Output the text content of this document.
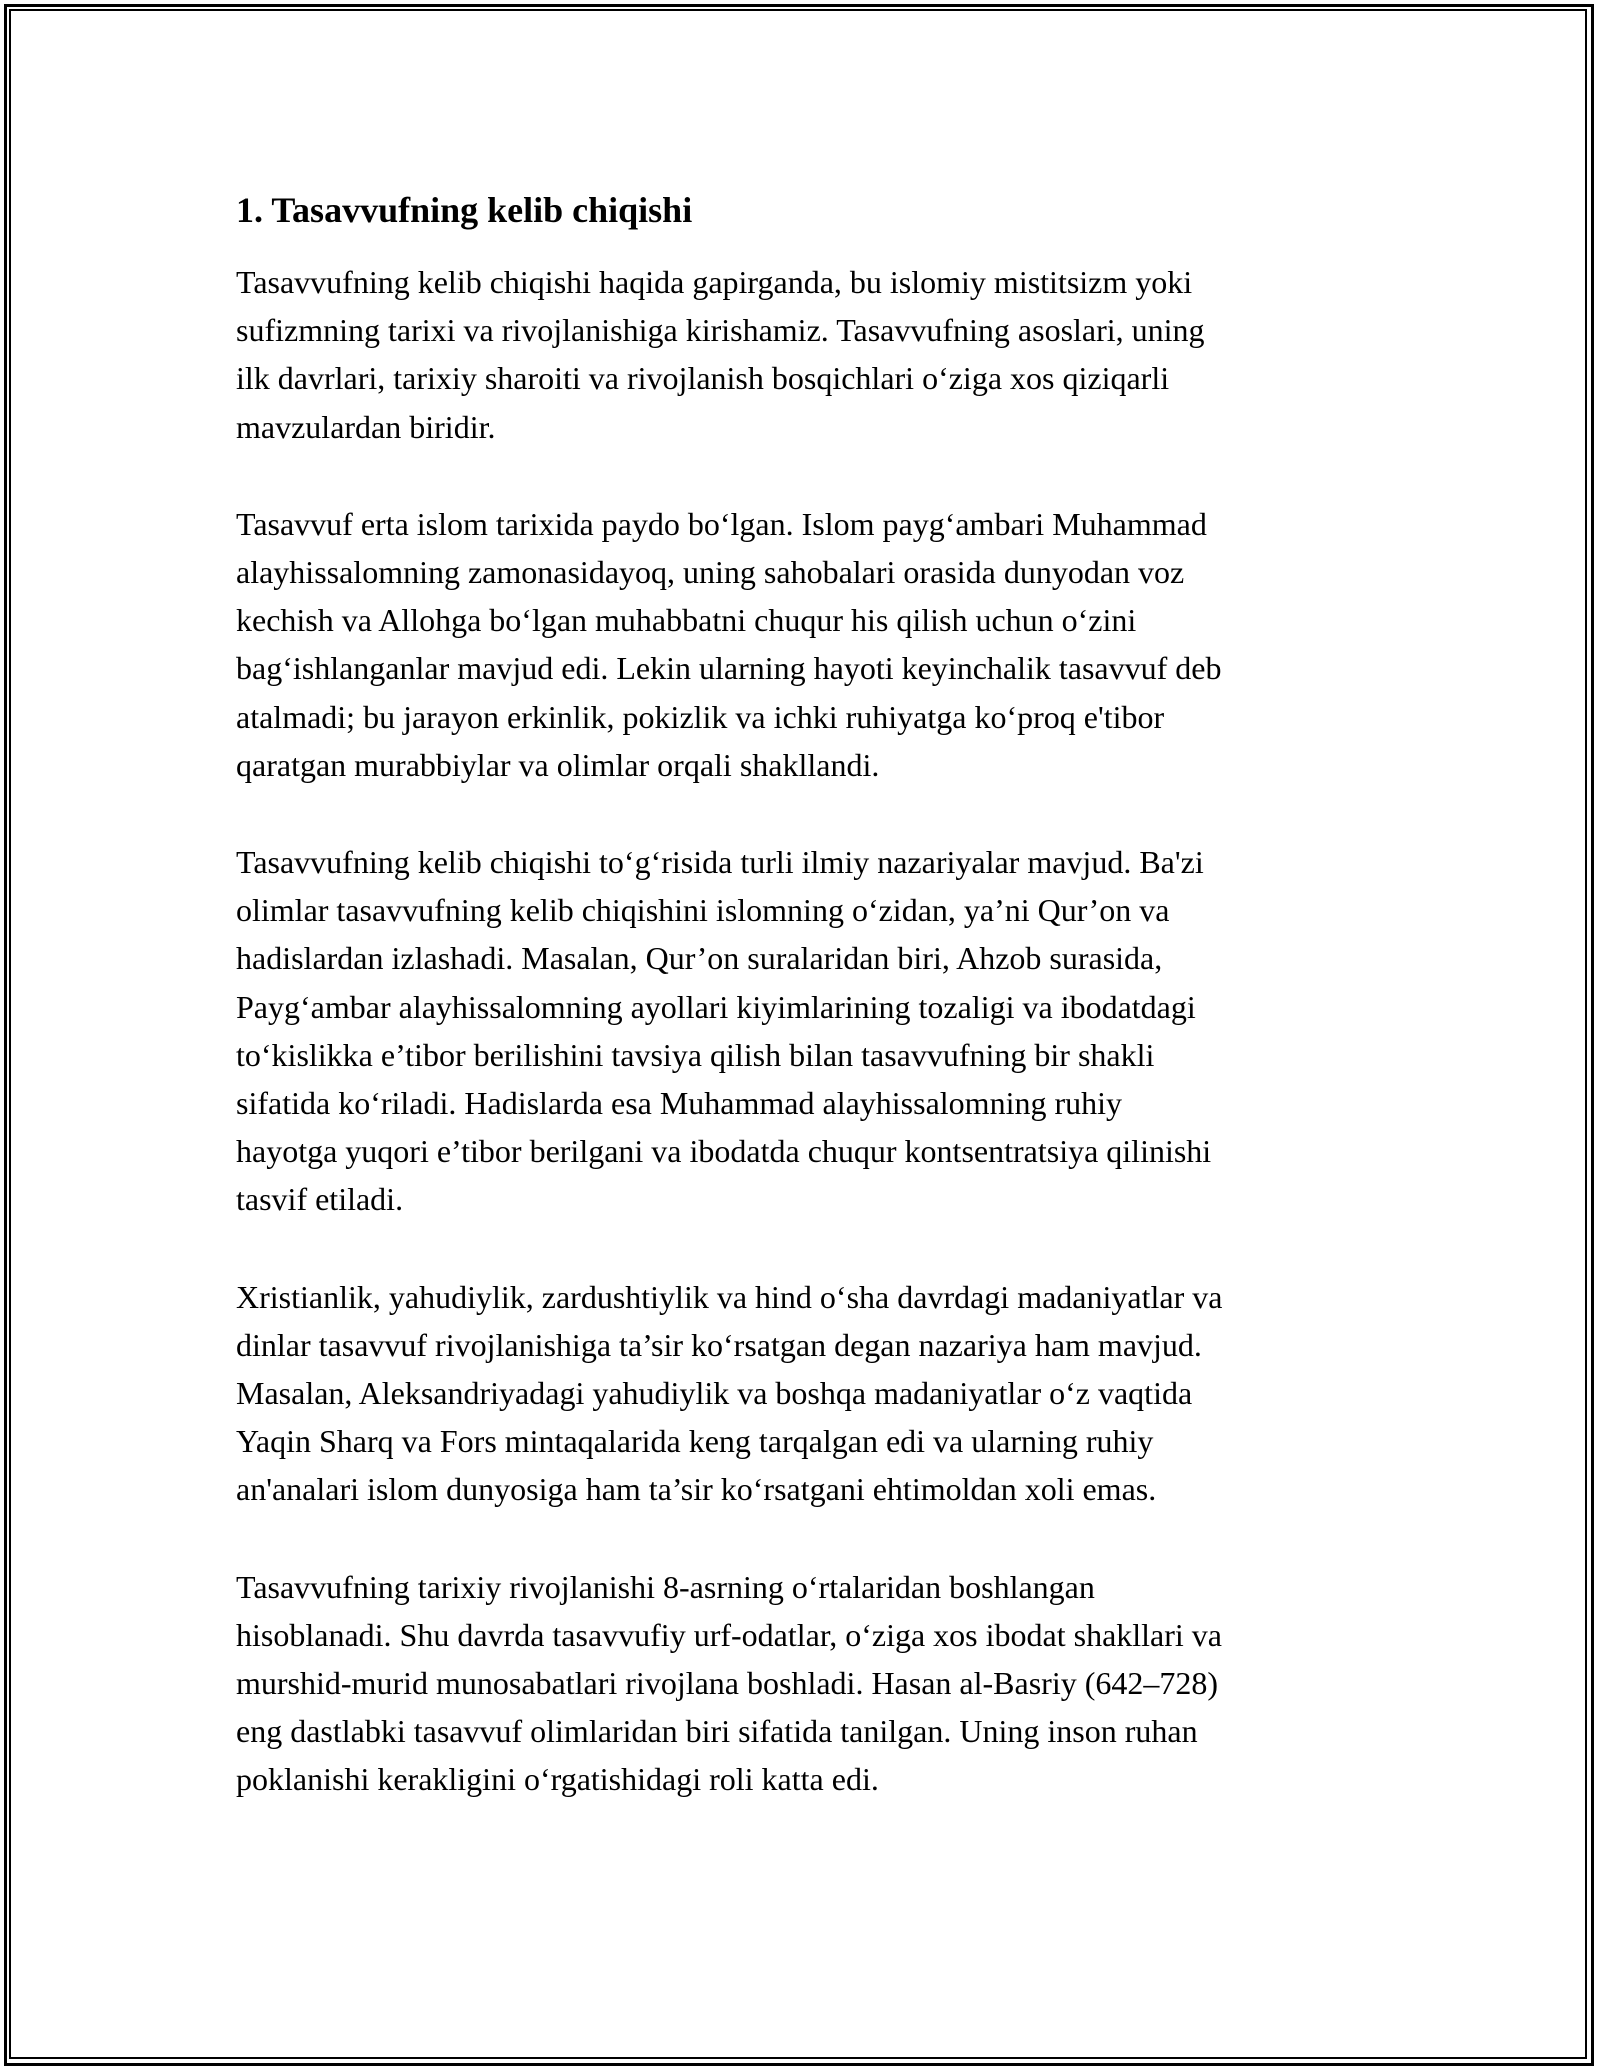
1. Tasavvufning kelib chiqishi

Tasavvufning kelib chiqishi haqida gapirganda, bu islomiy mistitsizm yoki
sufizmning tarixi va rivojlanishiga kirishamiz. Tasavvufning asoslari, uning
ilk davrlari, tarixiy sharoiti va rivojlanish bosqichlari o‘ziga xos qiziqarli
mavzulardan biridir.

Tasavvuf erta islom tarixida paydo bo‘lgan. Islom payg‘ambari Muhammad
alayhissalomning zamonasidayoq, uning sahobalari orasida dunyodan voz
kechish va Allohga bo‘lgan muhabbatni chuqur his qilish uchun o‘zini
bag‘ishlanganlar mavjud edi. Lekin ularning hayoti keyinchalik tasavvuf deb
atalmadi; bu jarayon erkinlik, pokizlik va ichki ruhiyatga ko‘proq e'tibor
qaratgan murabbiylar va olimlar orqali shakllandi.

Tasavvufning kelib chiqishi to‘g‘risida turli ilmiy nazariyalar mavjud. Ba'zi
olimlar tasavvufning kelib chiqishini islomning o‘zidan, ya’ni Qur’on va
hadislardan izlashadi. Masalan, Qur’on suralaridan biri, Ahzob surasida,
Payg‘ambar alayhissalomning ayollari kiyimlarining tozaligi va ibodatdagi
to‘kislikka e’tibor berilishini tavsiya qilish bilan tasavvufning bir shakli
sifatida ko‘riladi. Hadislarda esa Muhammad alayhissalomning ruhiy
hayotga yuqori e’tibor berilgani va ibodatda chuqur kontsentratsiya qilinishi
tasvif etiladi.

Xristianlik, yahudiylik, zardushtiylik va hind o‘sha davrdagi madaniyatlar va
dinlar tasavvuf rivojlanishiga ta’sir ko‘rsatgan degan nazariya ham mavjud.
Masalan, Aleksandriyadagi yahudiylik va boshqa madaniyatlar o‘z vaqtida
Yaqin Sharq va Fors mintaqalarida keng tarqalgan edi va ularning ruhiy
an'analari islom dunyosiga ham ta’sir ko‘rsatgani ehtimoldan xoli emas.

Tasavvufning tarixiy rivojlanishi 8-asrning o‘rtalaridan boshlangan
hisoblanadi. Shu davrda tasavvufiy urf-odatlar, o‘ziga xos ibodat shakllari va
murshid-murid munosabatlari rivojlana boshladi. Hasan al-Basriy (642–728)
eng dastlabki tasavvuf olimlaridan biri sifatida tanilgan. Uning inson ruhan
poklanishi kerakligini o‘rgatishidagi roli katta edi.
